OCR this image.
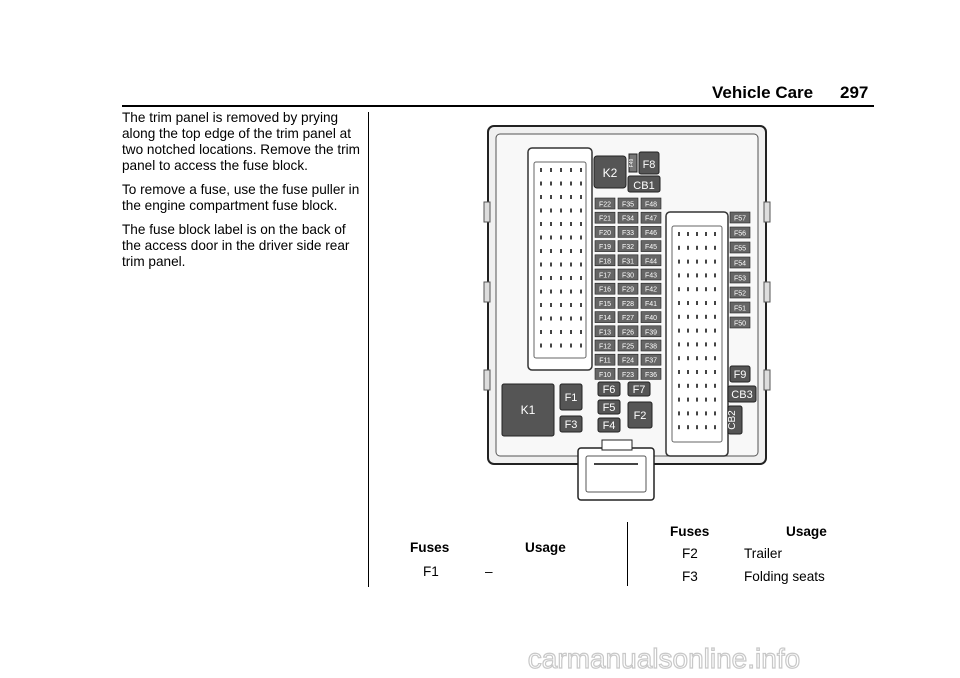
Vehicle Care 297

The trim panel is removed by prying along the top edge of the trim panel at two notched locations. Remove the trim panel to access the fuse block.

To remove a fuse, use the fuse puller in the engine compartment fuse block.

The fuse block label is on the back of the access door in the driver side rear trim panel.

K2
F49 F8
CB1
F22
F21
F20
F19
F18
F17
F16
F15
F14
F13
F12
F11
F10
F35
F34
F33
F32
F31
F30
F29
F28
F27
F26
F25
F24
F23
F48
F47
F46
F45
F44
F43
F42
F41
F40
F39
F38
F37
F36
F57
F56
F55
F54
F53
F52
F51
F50
F9
CB3
CB2
K1
F1
F3
F6 F7
F5
F4
F2
Fuses	Usage
F1	–
Fuses	Usage
F2	Trailer
F3	Folding seats
carmanualsonline.info
